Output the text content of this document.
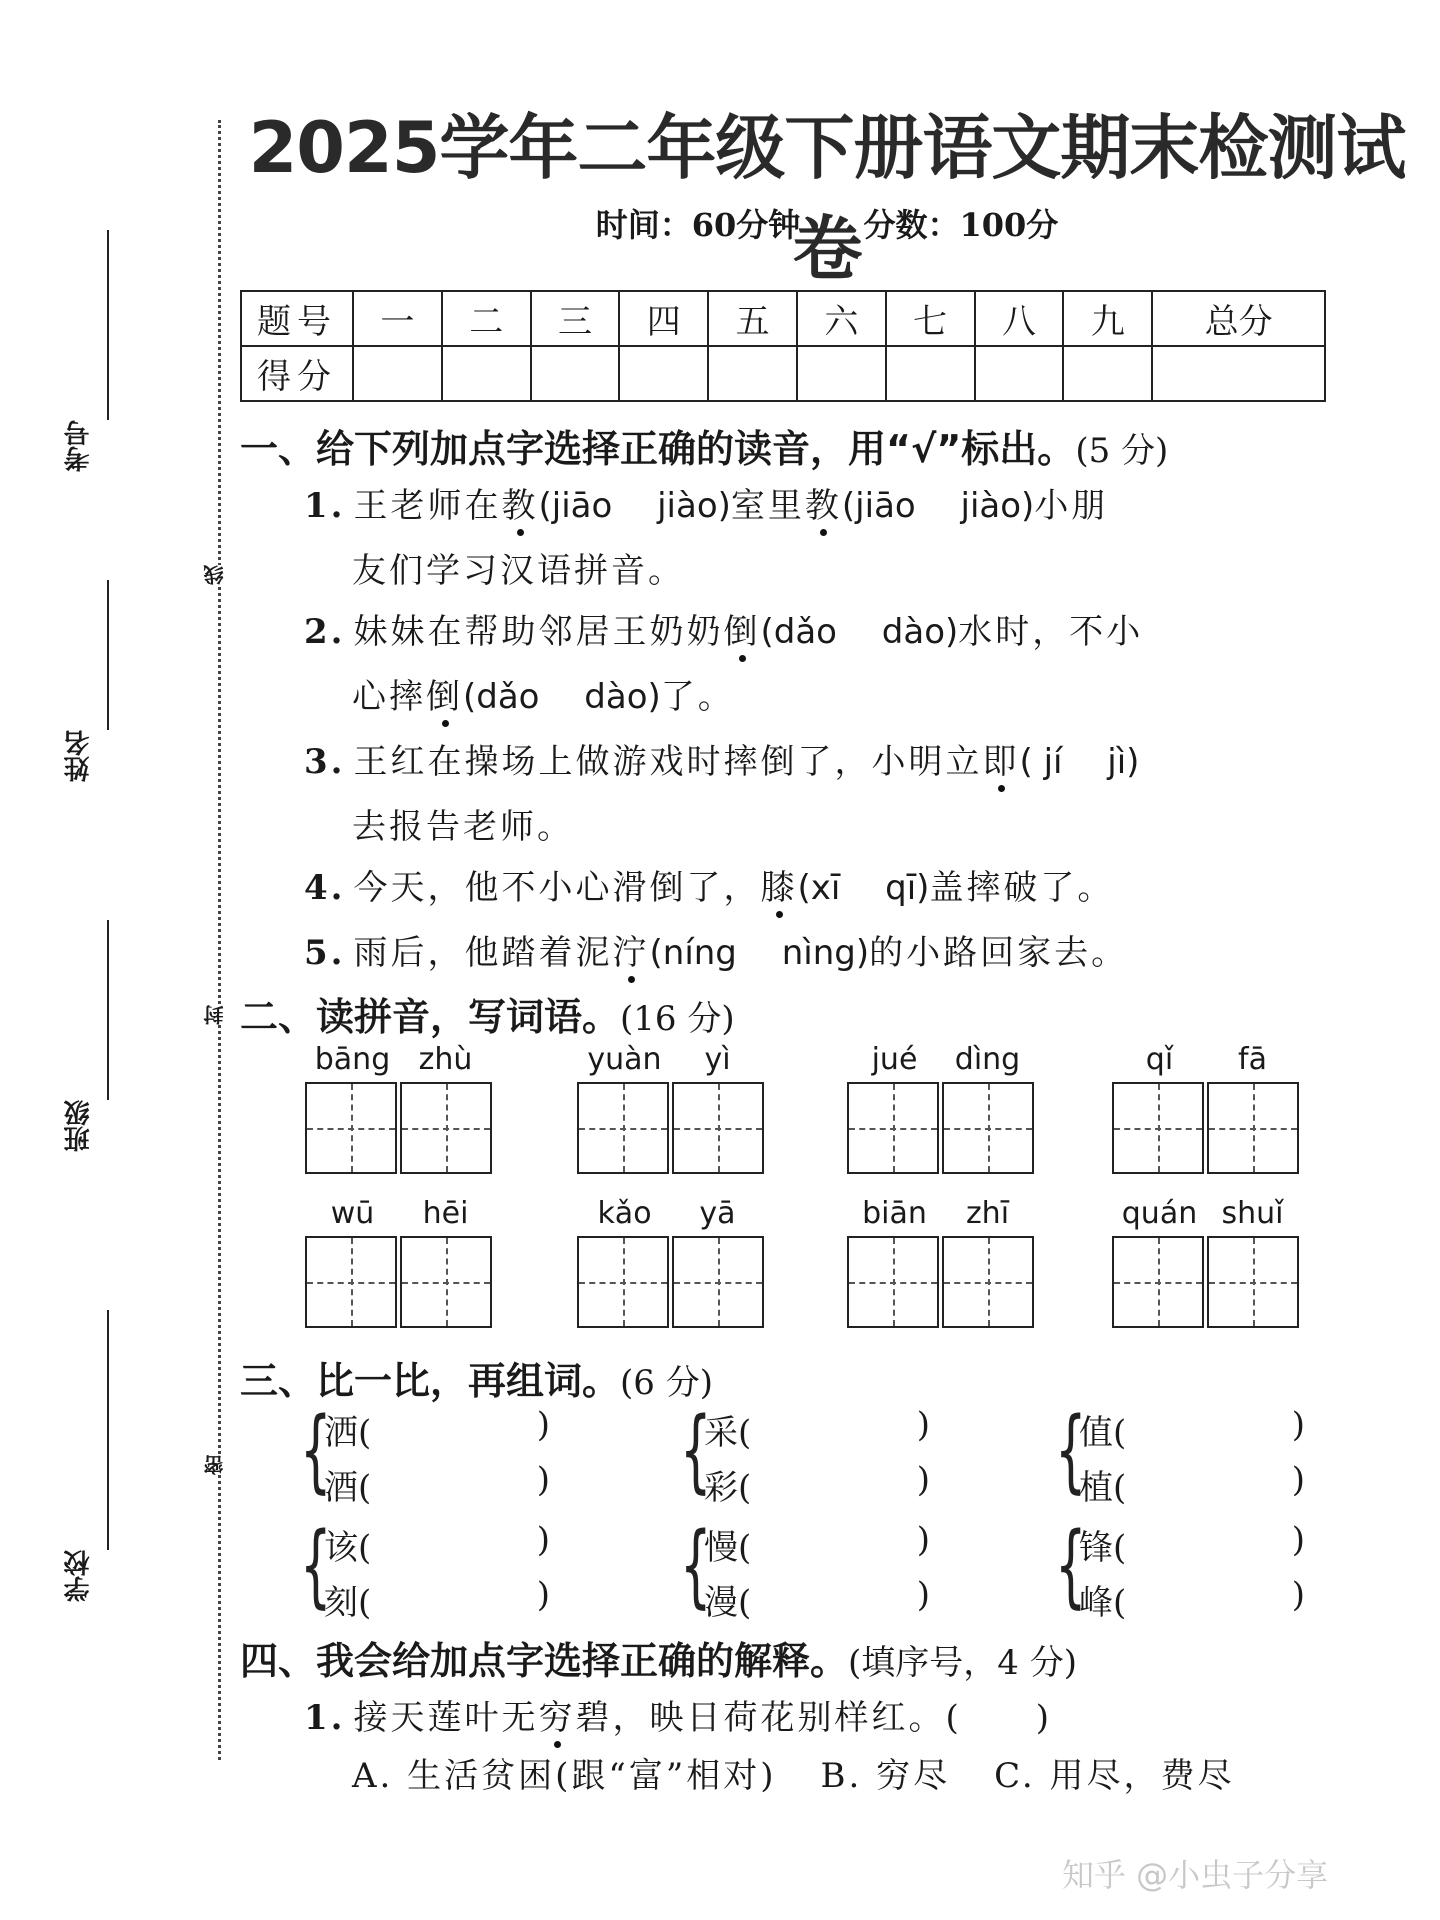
考号
姓名
班级
学校
线
封
密
2025学年二年级下册语文期末检测试卷
时间：60分钟 分数：100分
题号	一	二	三	四	五	六	七	八	九	总分
得分										
一、给下列加点字选择正确的读音，用“√”标出。(5 分)
1. 王老师在教(jiāo　 jiào)室里教(jiāo　 jiào)小朋
友们学习汉语拼音。
2. 妹妹在帮助邻居王奶奶倒(dǎo　 dào)水时，不小
心摔倒(dǎo　 dào)了。
3. 王红在操场上做游戏时摔倒了，小明立即( jí　 jì)
去报告老师。
4. 今天，他不小心滑倒了，膝(xī　 qī)盖摔破了。
5. 雨后，他踏着泥泞(níng　 nìng)的小路回家去。
二、读拼音，写词语。(16 分)
bāng zhù	yuàn	yì	jué	dìng	qǐ	fā
wū	hēi	kǎo	yā	biān	zhī	quán shuǐ
三、比一比，再组词。(6 分)
{
洒(	)
酒(	) {
采(	)
彩(	) {
值(	)
植(	)
{
该(	)
刻(	) {
慢(	)
漫(	) {
锋(	)
峰(	)
四、我会给加点字选择正确的解释。(填序号，4 分)
1. 接天莲叶无穷碧，映日荷花别样红。(　　)
A. 生活贫困(跟“富”相对) B. 穷尽 C. 用尽，费尽
知乎 @小虫子分享
